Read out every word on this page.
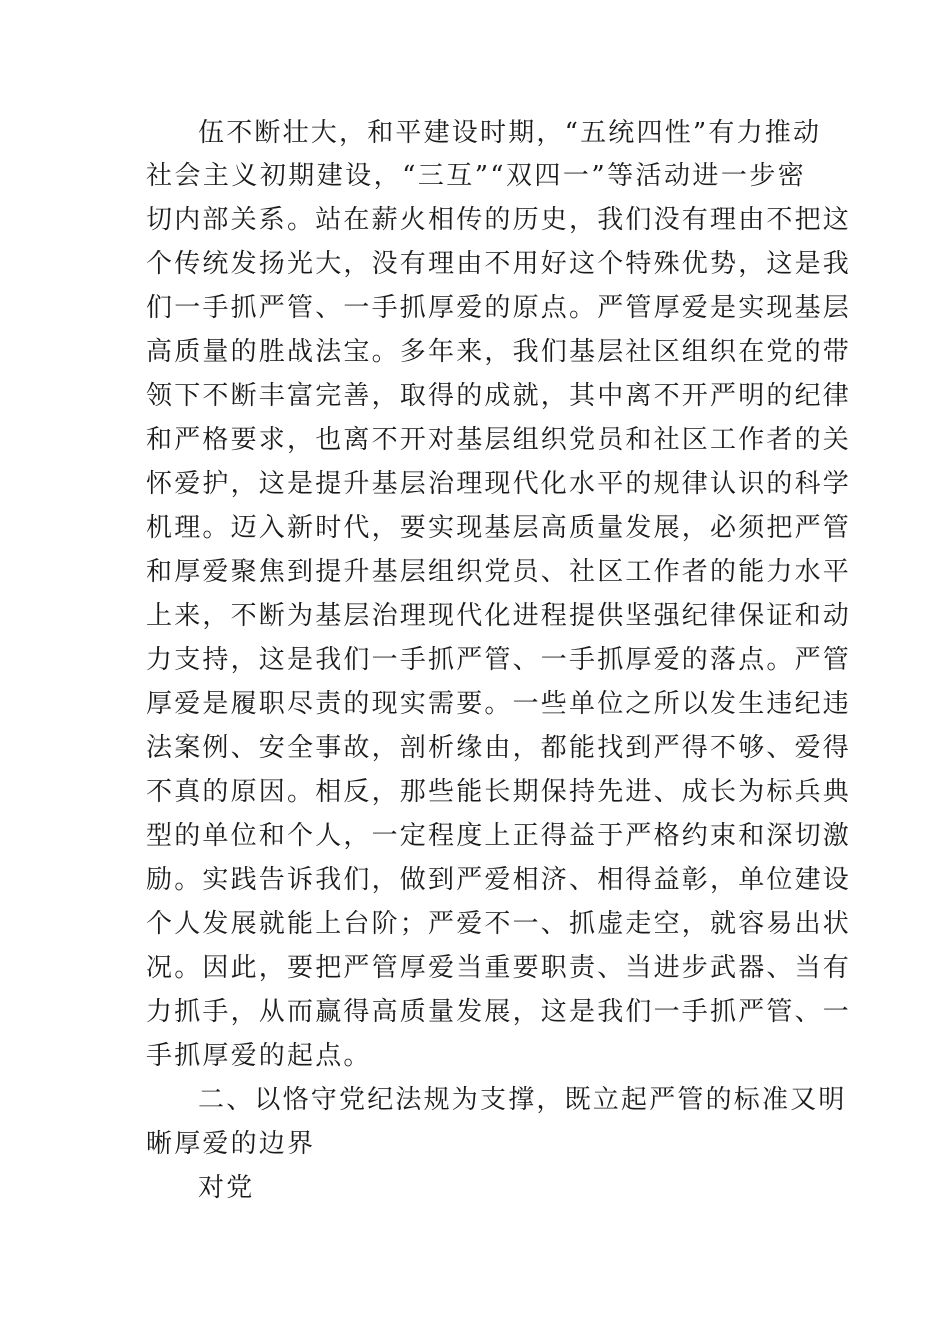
伍不断壮大，和平建设时期，“五统四性”有力推动
社会主义初期建设，“三互”“双四一”等活动进一步密
切内部关系。站在薪火相传的历史，我们没有理由不把这
个传统发扬光大，没有理由不用好这个特殊优势，这是我
们一手抓严管、一手抓厚爱的原点。严管厚爱是实现基层
高质量的胜战法宝。多年来，我们基层社区组织在党的带
领下不断丰富完善，取得的成就，其中离不开严明的纪律
和严格要求，也离不开对基层组织党员和社区工作者的关
怀爱护，这是提升基层治理现代化水平的规律认识的科学
机理。迈入新时代，要实现基层高质量发展，必须把严管
和厚爱聚焦到提升基层组织党员、社区工作者的能力水平
上来，不断为基层治理现代化进程提供坚强纪律保证和动
力支持，这是我们一手抓严管、一手抓厚爱的落点。严管
厚爱是履职尽责的现实需要。一些单位之所以发生违纪违
法案例、安全事故，剖析缘由，都能找到严得不够、爱得
不真的原因。相反，那些能长期保持先进、成长为标兵典
型的单位和个人，一定程度上正得益于严格约束和深切激
励。实践告诉我们，做到严爱相济、相得益彰，单位建设
个人发展就能上台阶；严爱不一、抓虚走空，就容易出状
况。因此，要把严管厚爱当重要职责、当进步武器、当有
力抓手，从而赢得高质量发展，这是我们一手抓严管、一
手抓厚爱的起点。
二、以恪守党纪法规为支撑，既立起严管的标准又明
晰厚爱的边界
对党
